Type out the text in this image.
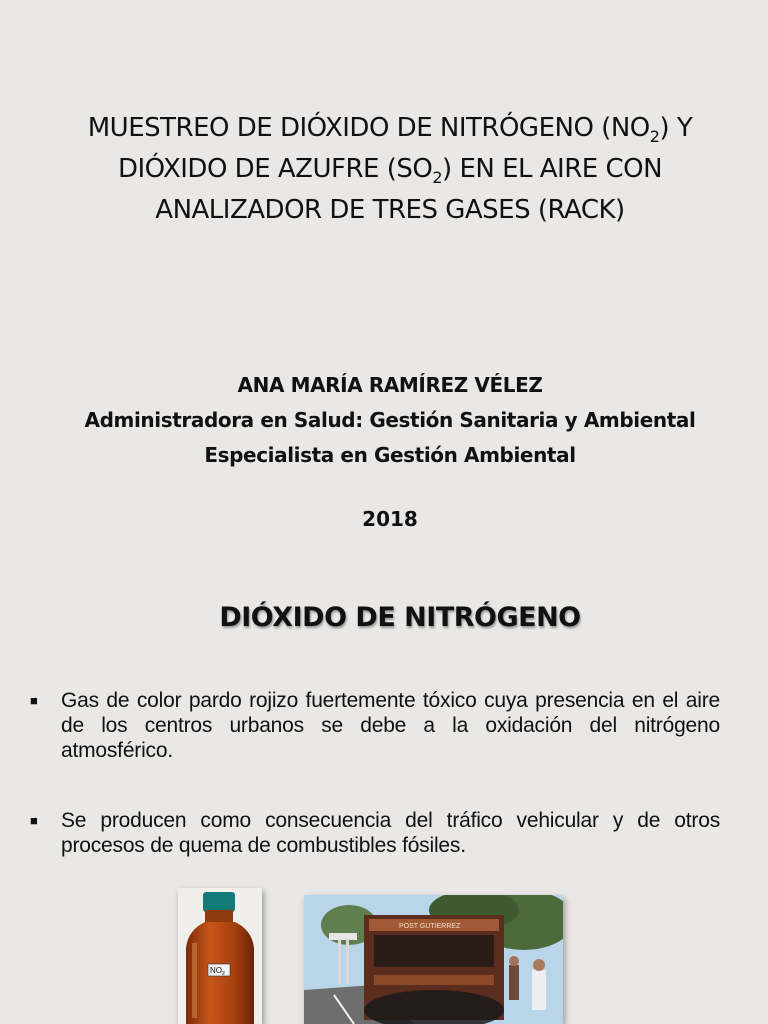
MUESTREO DE DIÓXIDO DE NITRÓGENO $(NO_2)$ Y
DIÓXIDO DE AZUFRE $(SO_2)$ EN EL AIRE CON
ANALIZADOR DE TRES GASES (RACK)
ANA MARÍA RAMÍREZ VÉLEZ
Administradora en Salud: Gestión Sanitaria y Ambiental
Especialista en Gestión Ambiental
2018
DIÓXIDO DE NITRÓGENO
■	Gas de color pardo rojizo fuertemente tóxico cuya presencia en el aire de los centros urbanos se debe a la oxidación del nitrógeno atmosférico.
■	Se producen como consecuencia del tráfico vehicular y de otros procesos de quema de combustibles fósiles.
$NO_2$
POST GUTIERREZ
